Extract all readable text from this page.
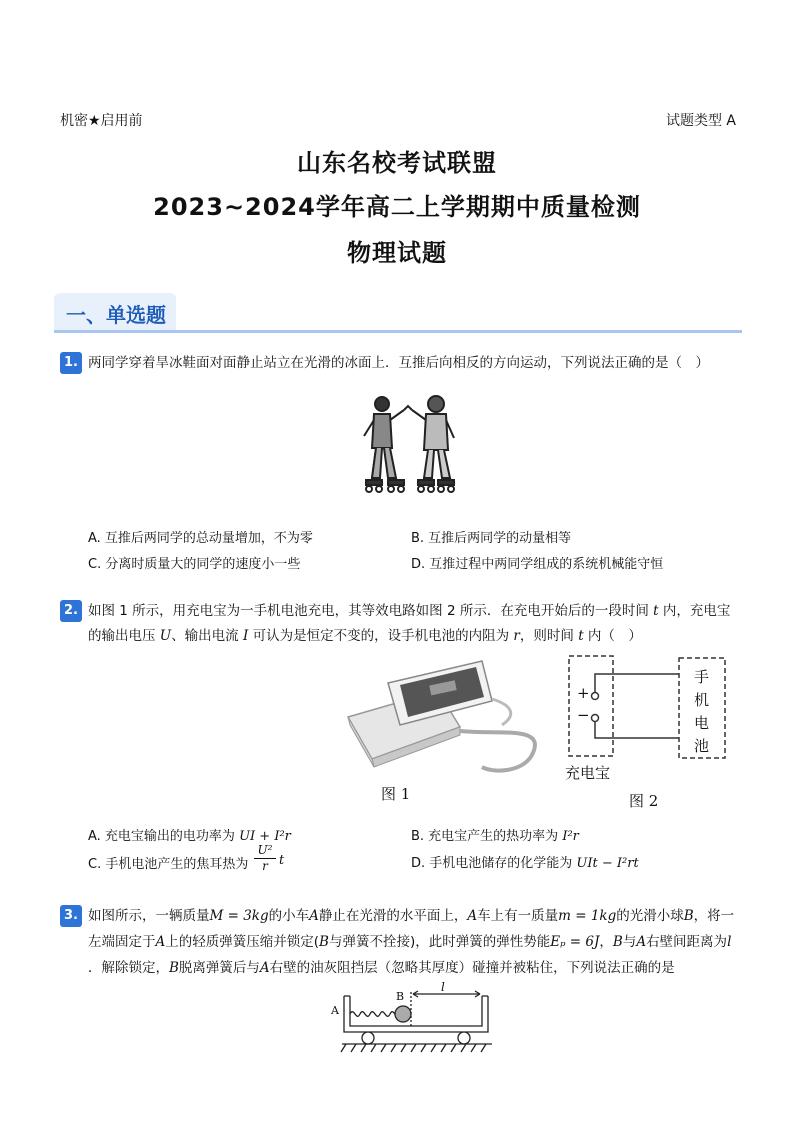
机密★启用前	试题类型 A
山东名校考试联盟
2023~2024学年高二上学期期中质量检测
物理试题
一、单选题
1. 两同学穿着旱冰鞋面对面静止站立在光滑的冰面上．互推后向相反的方向运动，下列说法正确的是（　）
A. 互推后两同学的总动量增加，不为零	B. 互推后两同学的动量相等
C. 分离时质量大的同学的速度小一些	D. 互推过程中两同学组成的系统机械能守恒
2. 如图 1 所示，用充电宝为一手机电池充电，其等效电路如图 2 所示．在充电开始后的一段时间 t 内，充电宝
的输出电压 U、输出电流 I 可认为是恒定不变的，设手机电池的内阻为 r，则时间 t 内（　）
图 1
+
−
手
机
电
池
充电宝
图 2
A. 充电宝输出的电功率为 UI + I²r	B. 充电宝产生的热功率为 I²r
C. 手机电池产生的焦耳热为 $\frac{\text{U²}}{r}$ t	D. 手机电池储存的化学能为 UIt − I²rt
3. 如图所示，一辆质量M = 3kg的小车A静止在光滑的水平面上，A车上有一质量m = 1kg的光滑小球B，将一
左端固定于A上的轻质弹簧压缩并锁定(B与弹簧不拴接)，此时弹簧的弹性势能Eₚ = 6J，B与A右壁间距离为l
．解除锁定，B脱离弹簧后与A右壁的油灰阻挡层（忽略其厚度）碰撞并被粘住，下列说法正确的是
A
B
l
